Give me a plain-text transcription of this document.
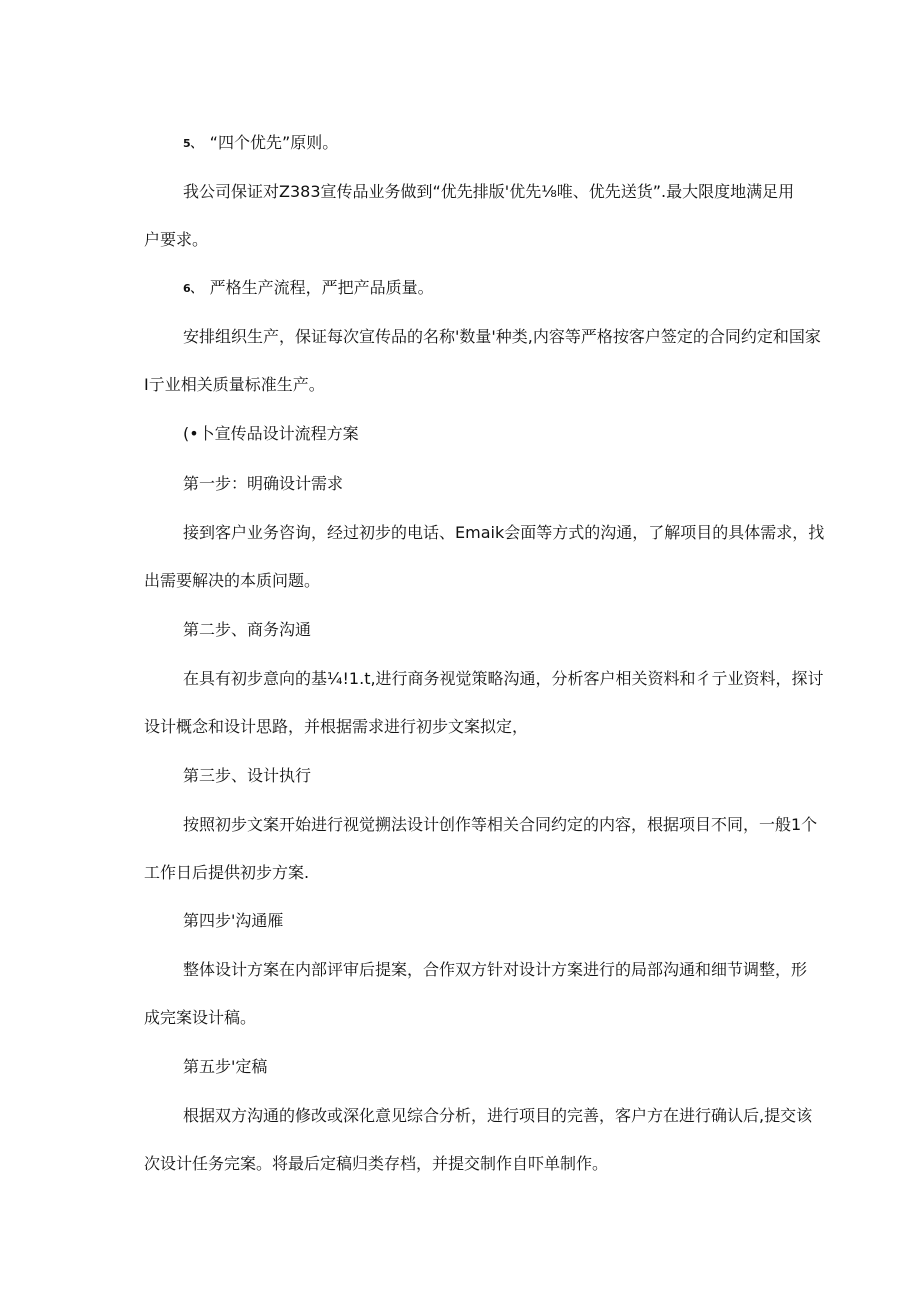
5、 “四个优先”原则。
我公司保证对Z383宣传品业务做到“优先排版'优先⅛唯、优先送货”.最大限度地满足用
户要求。
6、 严格生产流程，严把产品质量。
安排组织生产，保证每次宣传品的名称'数量'种类,内容等严格按客户签定的合同约定和国家
I亍业相关质量标准生产。
(•卜宣传品设计流程方案
第一步：明确设计需求
接到客户业务咨询，经过初步的电话、Emaik会面等方式的沟通，了解项目的具体需求，找
出需要解决的本质问题。
第二步、商务沟通
在具有初步意向的基¼!1.t,进行商务视觉策略沟通，分析客户相关资料和彳亍业资料，探讨
设计概念和设计思路，并根据需求进行初步文案拟定，
第三步、设计执行
按照初步文案开始进行视觉搠法设计创作等相关合同约定的内容，根据项目不同，一般1个
工作日后提供初步方案.
第四步'沟通雁
整体设计方案在内部评审后提案，合作双方针对设计方案进行的局部沟通和细节调整，形
成完案设计稿。
第五步'定稿
根据双方沟通的修改或深化意见综合分析，进行项目的完善，客户方在进行确认后,提交该
次设计任务完案。将最后定稿归类存档，并提交制作自吓单制作。
